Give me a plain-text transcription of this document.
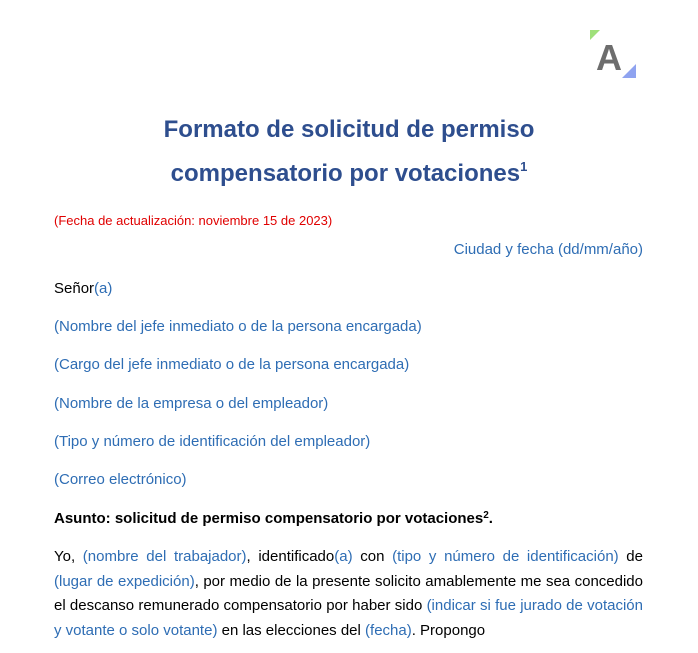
A
Formato de solicitud de permiso
compensatorio por votaciones$^1$
(Fecha de actualización: noviembre 15 de 2023)
Ciudad y fecha (dd/mm/año)
Señor(a)
(Nombre del jefe inmediato o de la persona encargada)
(Cargo del jefe inmediato o de la persona encargada)
(Nombre de la empresa o del empleador)
(Tipo y número de identificación del empleador)
(Correo electrónico)
Asunto: solicitud de permiso compensatorio por votaciones$^2$.
Yo, (nombre del trabajador), identificado(a) con (tipo y número de identificación) de (lugar de expedición), por medio de la presente solicito amablemente me sea concedido el descanso remunerado compensatorio por haber sido (indicar si fue jurado de votación y votante o solo votante) en las elecciones del (fecha). Propongo
